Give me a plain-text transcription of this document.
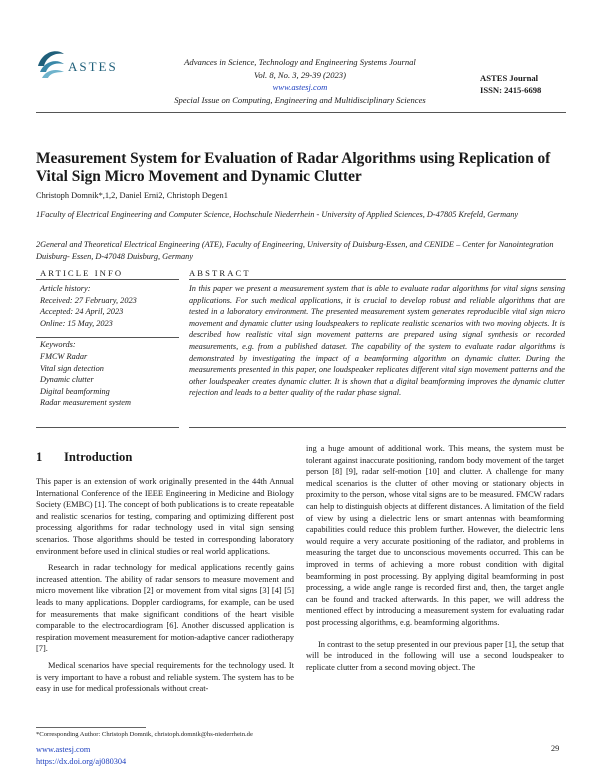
ASTES	Advances in Science, Technology and Engineering Systems Journal
Vol. 8, No. 3, 29-39 (2023)
www.astesj.com
Special Issue on Computing, Engineering and Multidisciplinary Sciences
ASTES Journal
ISSN: 2415-6698
Measurement System for Evaluation of Radar Algorithms using Replication of Vital Sign Micro Movement and Dynamic Clutter
Christoph Domnik*,1,2, Daniel Erni2, Christoph Degen1
1Faculty of Electrical Engineering and Computer Science, Hochschule Niederrhein - University of Applied Sciences, D-47805 Krefeld, Germany
2General and Theoretical Electrical Engineering (ATE), Faculty of Engineering, University of Duisburg-Essen, and CENIDE – Center for Nanointegration Duisburg- Essen, D-47048 Duisburg, Germany
ARTICLE INFO	ABSTRACT
Article history:
Received: 27 February, 2023
Accepted: 24 April, 2023
Online: 15 May, 2023
Keywords:
FMCW Radar
Vital sign detection
Dynamic clutter
Digital beamforming
Radar measurement system
In this paper we present a measurement system that is able to evaluate radar algorithms for vital signs sensing applications. For such medical applications, it is crucial to develop robust and reliable algorithms that are tested in a laboratory environment. The presented measurement system generates reproducible vital sign micro movement and dynamic clutter using loudspeakers to replicate realistic scenarios with two moving objects. It is described how realistic vital sign movement patterns are prepared using signal synthesis or recorded measurements, e.g. from a published dataset. The capability of the system to evaluate radar algorithms is demonstrated by investigating the impact of a beamforming algorithm on dynamic clutter. During the measurements presented in this paper, one loudspeaker replicates different vital sign movement patterns and the other loudspeaker creates dynamic clutter. It is shown that a digital beamforming improves the dynamic clutter rejection and leads to a better quality of the radar phase signal.
1 Introduction

This paper is an extension of work originally presented in the 44th Annual International Conference of the IEEE Engineering in Medicine and Biology Society (EMBC) [1]. The concept of both publications is to create repeatable and realistic scenarios for testing, comparing and optimizing different post processing algorithms for radar technology used in vital sign sensing scenarios. Those algorithms should be tested in corresponding laboratory environment before used in clinical studies or real world applications.

Research in radar technology for medical applications recently gains increased attention. The ability of radar sensors to measure movement and micro movement like vibration [2] or movement from vital signs [3] [4] [5] leads to many applications. Doppler cardiograms, for example, can be used for measurements that make significant conditions of the heart visible comparable to the electrocardiogram [6]. Another discussed application is respiration movement measurement for motion-adaptive cancer radiotherapy [7].

Medical scenarios have special requirements for the technology used. It is very important to have a robust and reliable system. The system has to be easy in use for medical professionals without creat-

ing a huge amount of additional work. This means, the system must be tolerant against inaccurate positioning, random body movement of the target person [8] [9], radar self-motion [10] and clutter. A challenge for many medical scenarios is the clutter of other moving or stationary objects in proximity to the person, whose vital signs are to be measured. FMCW radars can help to distinguish objects at different distances. A limitation of the field of view by using a dielectric lens or smart antennas with beamforming capabilities could reduce this problem further. However, the dielectric lens would require a very accurate positioning of the radiator, and problems in measuring the target due to unconscious movements occurred. This can be improved in terms of achieving a more robust condition with digital beamforming in post processing. By applying digital beamforming in post processing, a wide angle range is recorded first and, then, the target angle can be found and tracked afterwards. In this paper, we will address the mentioned effect by introducing a measurement system for evaluating radar post processing algorithms, e.g. beamforming algorithms.

In contrast to the setup presented in our previous paper [1], the setup that will be introduced in the following will use a second loudspeaker to replicate clutter from a second moving object. The

*Corresponding Author: Christoph Domnik, christoph.domnik@hs-niederrhein.de
www.astesj.com
https://dx.doi.org/aj080304
29
